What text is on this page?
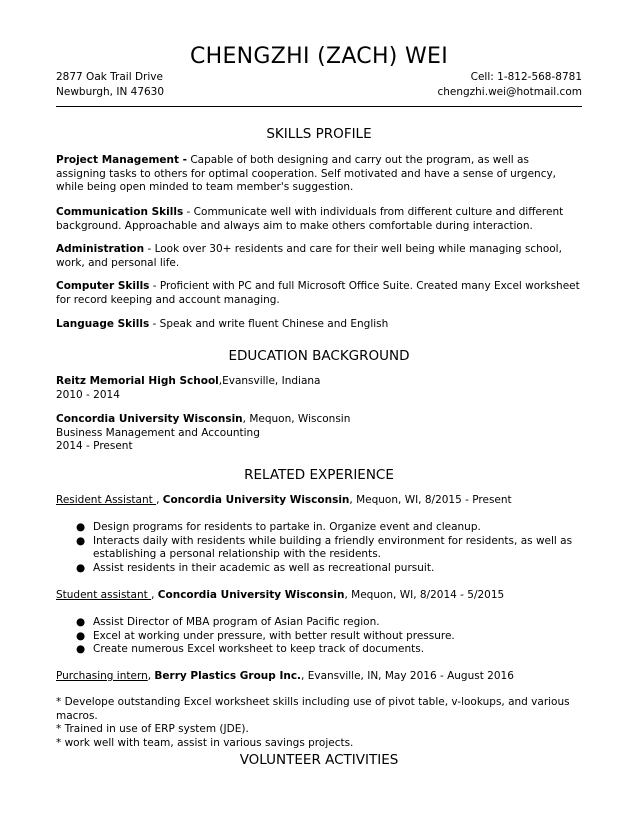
CHENGZHI (ZACH) WEI
2877 Oak Trail Drive
Newburgh, IN 47630
Cell: 1-812-568-8781
chengzhi.wei@hotmail.com
SKILLS PROFILE
Project Management - Capable of both designing and carry out the program, as well as assigning tasks to others for optimal cooperation. Self motivated and have a sense of urgency, while being open minded to team member's suggestion.
Communication Skills - Communicate well with individuals from different culture and different background. Approachable and always aim to make others comfortable during interaction.
Administration - Look over 30+ residents and care for their well being while managing school, work, and personal life.
Computer Skills - Proficient with PC and full Microsoft Office Suite. Created many Excel worksheet for record keeping and account managing.
Language Skills - Speak and write fluent Chinese and English
EDUCATION BACKGROUND
Reitz Memorial High School,Evansville, Indiana
2010 - 2014
Concordia University Wisconsin, Mequon, Wisconsin
Business Management and Accounting
2014 - Present
RELATED EXPERIENCE
Resident Assistant , Concordia University Wisconsin, Mequon, WI, 8/2015 - Present
● Design programs for residents to partake in. Organize event and cleanup.
● Interacts daily with residents while building a friendly environment for residents, as well as establishing a personal relationship with the residents.
● Assist residents in their academic as well as recreational pursuit.
Student assistant , Concordia University Wisconsin, Mequon, WI, 8/2014 - 5/2015
● Assist Director of MBA program of Asian Pacific region.
● Excel at working under pressure, with better result without pressure.
● Create numerous Excel worksheet to keep track of documents.
Purchasing intern, Berry Plastics Group Inc., Evansville, IN, May 2016 - August 2016
* Develope outstanding Excel worksheet skills including use of pivot table, v-lookups, and various macros.
* Trained in use of ERP system (JDE).
* work well with team, assist in various savings projects.
VOLUNTEER ACTIVITIES
